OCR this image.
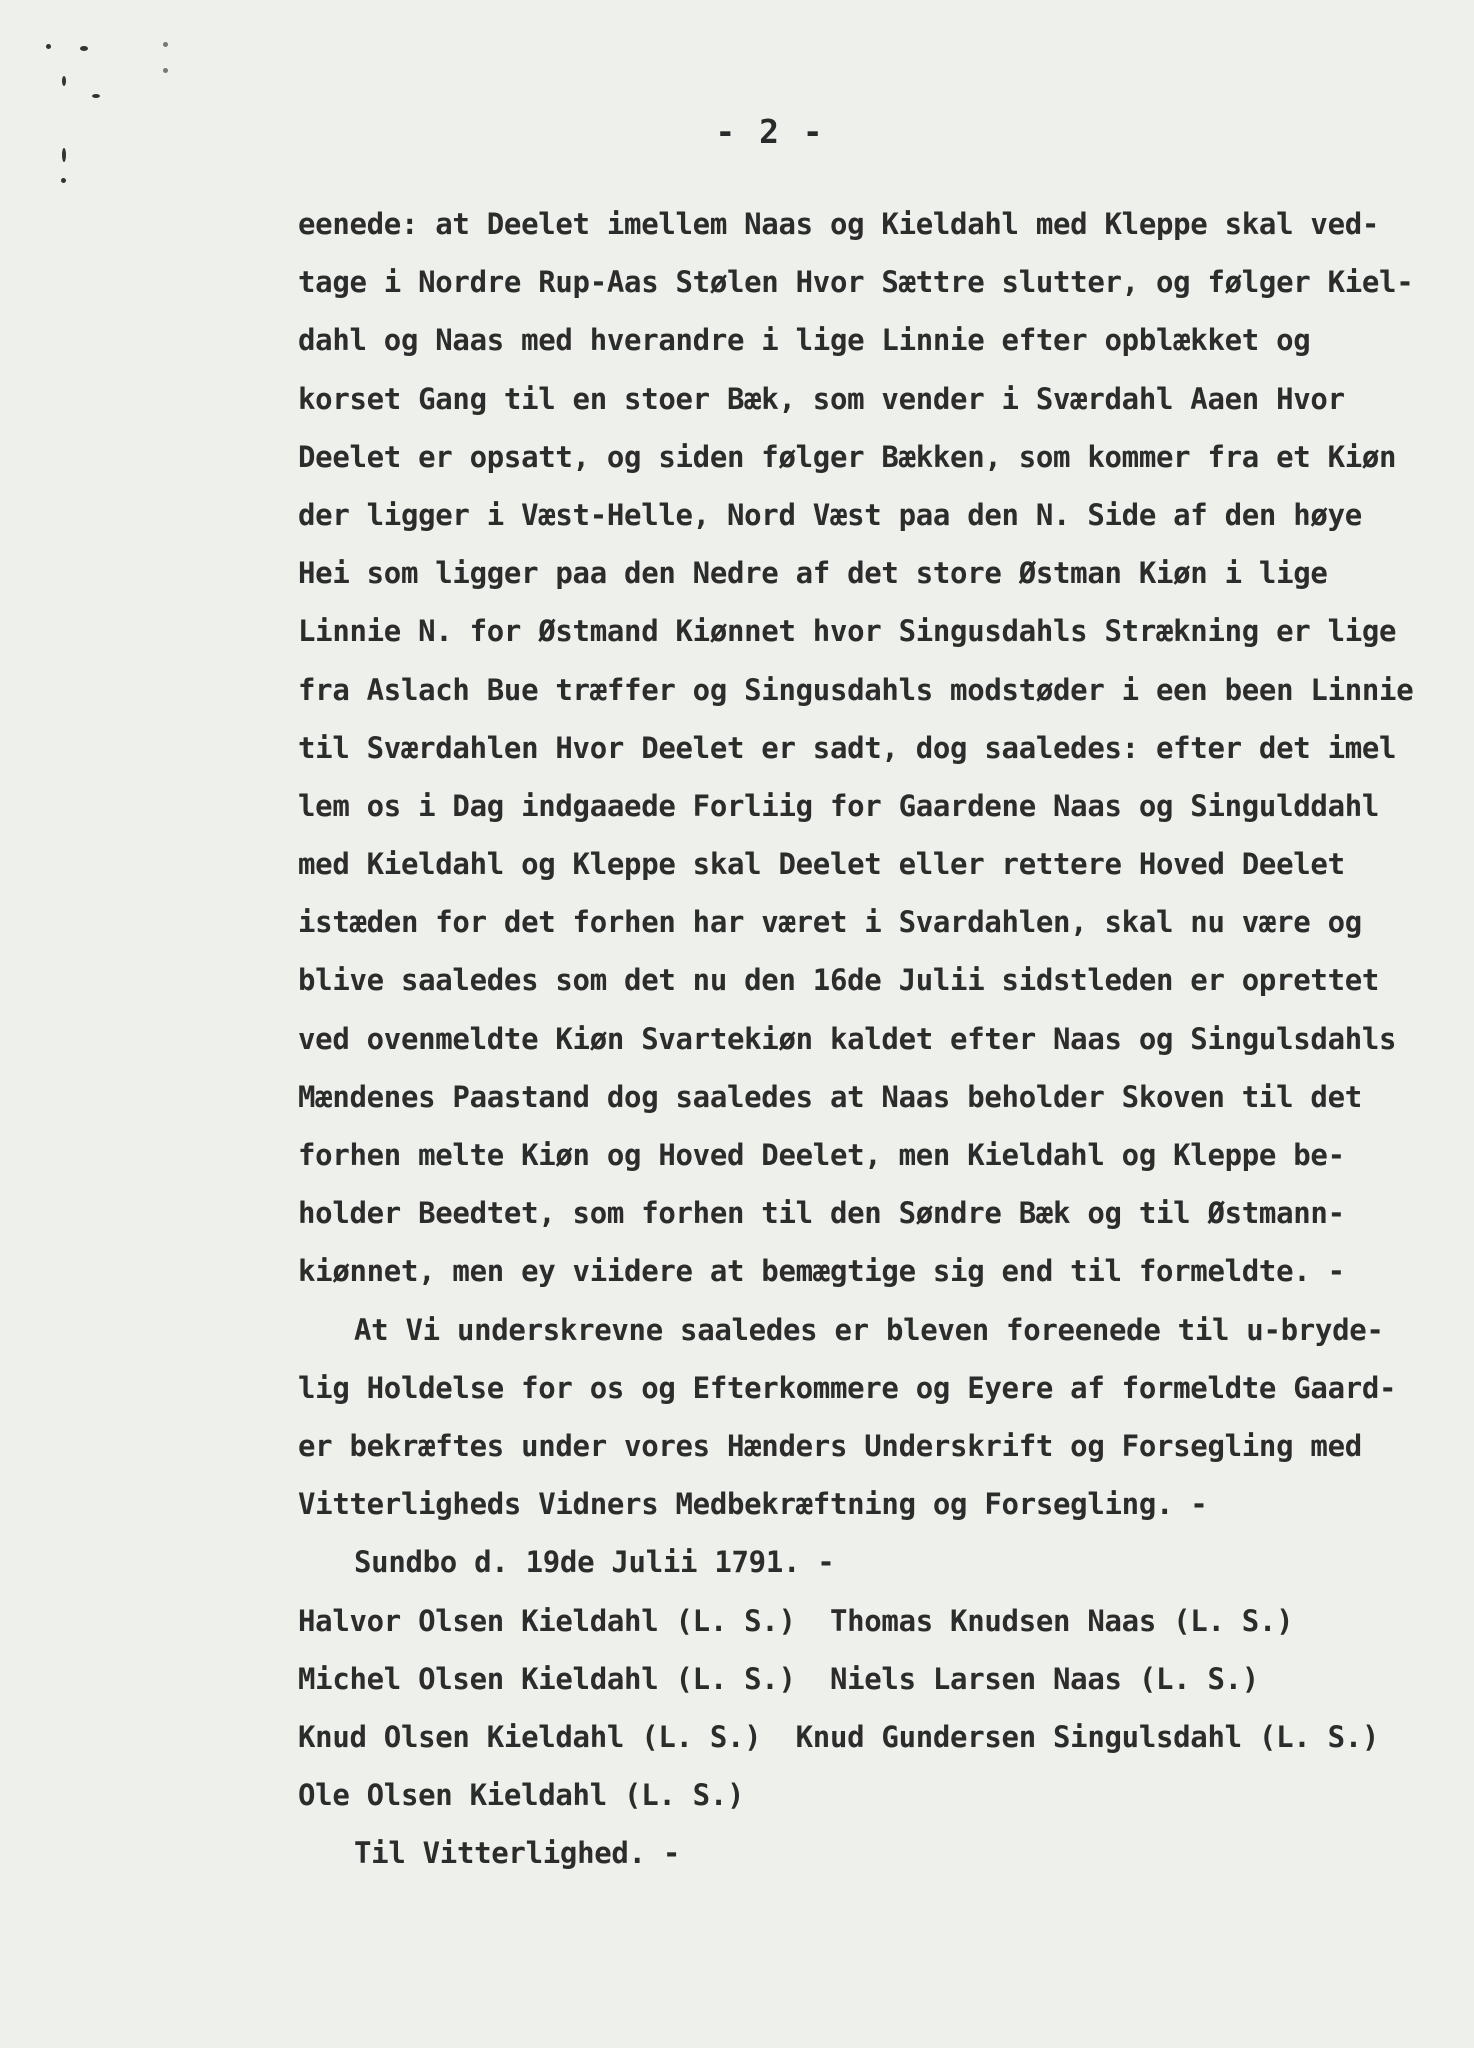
- 2 -
eenede: at Deelet imellem Naas og Kieldahl med Kleppe skal ved-
tage i Nordre Rup-Aas Stølen Hvor Sættre slutter, og følger Kiel-
dahl og Naas med hverandre i lige Linnie efter opblækket og
korset Gang til en stoer Bæk, som vender i Sværdahl Aaen Hvor
Deelet er opsatt, og siden følger Bækken, som kommer fra et Kiøn
der ligger i Væst-Helle, Nord Væst paa den N. Side af den høye
Hei som ligger paa den Nedre af det store Østman Kiøn i lige
Linnie N. for Østmand Kiønnet hvor Singusdahls Strækning er lige
fra Aslach Bue træffer og Singusdahls modstøder i een been Linnie
til Sværdahlen Hvor Deelet er sadt, dog saaledes: efter det imel
lem os i Dag indgaaede Forliig for Gaardene Naas og Singulddahl
med Kieldahl og Kleppe skal Deelet eller rettere Hoved Deelet
istæden for det forhen har været i Svardahlen, skal nu være og
blive saaledes som det nu den 16de Julii sidstleden er oprettet
ved ovenmeldte Kiøn Svartekiøn kaldet efter Naas og Singulsdahls
Mændenes Paastand dog saaledes at Naas beholder Skoven til det
forhen melte Kiøn og Hoved Deelet, men Kieldahl og Kleppe be-
holder Beedtet, som forhen til den Søndre Bæk og til Østmann-
kiønnet, men ey viidere at bemægtige sig end til formeldte. -
At Vi underskrevne saaledes er bleven foreenede til u-bryde-
lig Holdelse for os og Efterkommere og Eyere af formeldte Gaard-
er bekræftes under vores Hænders Underskrift og Forsegling med
Vitterligheds Vidners Medbekræftning og Forsegling. -
Sundbo d. 19de Julii 1791. -
Halvor Olsen Kieldahl (L. S.)  Thomas Knudsen Naas (L. S.)
Michel Olsen Kieldahl (L. S.)  Niels Larsen Naas (L. S.)
Knud Olsen Kieldahl (L. S.)  Knud Gundersen Singulsdahl (L. S.)
Ole Olsen Kieldahl (L. S.)
Til Vitterlighed. -
